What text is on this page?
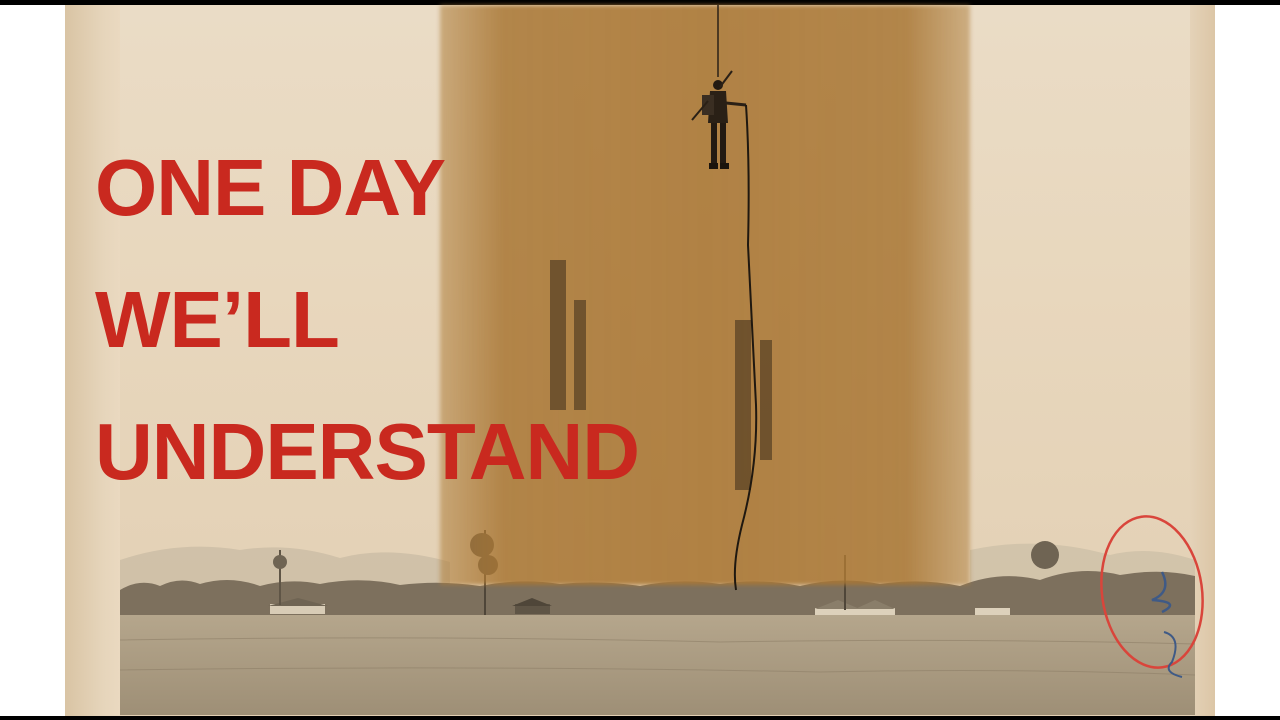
ONE DAY
WE’LL
UNDERSTAND
